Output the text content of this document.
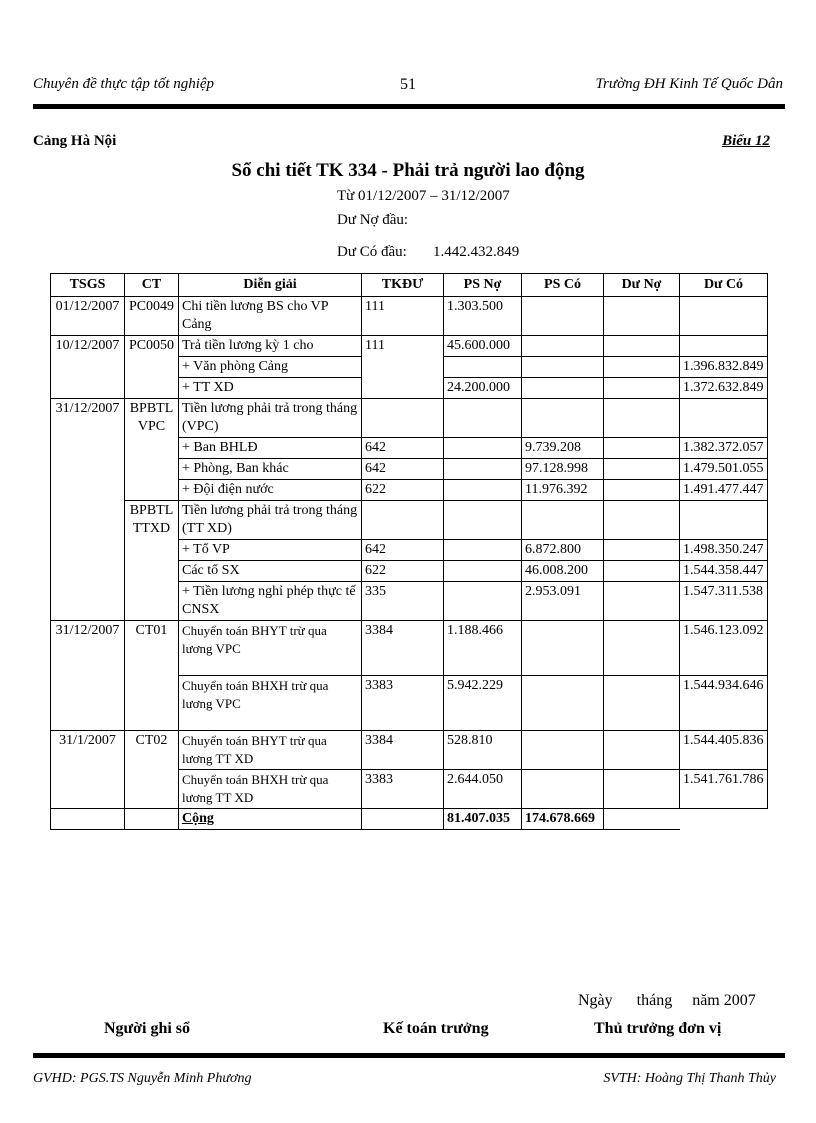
Chuyên đề thực tập tốt nghiệp	51	Trường ĐH Kinh Tế Quốc Dân
Cảng Hà Nội	Biểu 12
Sổ chi tiết TK 334 - Phải trả người lao động
Từ 01/12/2007 – 31/12/2007
Dư Nợ đầu:
Dư Có đầu: 1.442.432.849
TSGS	CT	Diễn giải	TKĐƯ	PS Nợ	PS Có	Dư Nợ	Dư Có
01/12/2007	PC0049	Chi tiền lương BS cho VP Cảng	111	1.303.500			
10/12/2007	PC0050	Trả tiền lương kỳ 1 cho	111	45.600.000			
		+ Văn phòng Cảng					1.396.832.849
		+ TT XD		24.200.000			1.372.632.849
31/12/2007	BPBTL VPC	Tiền lương phải trả trong tháng (VPC)					
		+ Ban BHLĐ	642		9.739.208		1.382.372.057
		+ Phòng, Ban khác	642		97.128.998		1.479.501.055
		+ Đội điện nước	622		11.976.392		1.491.477.447
	BPBTL TTXD	Tiền lương phải trả trong tháng (TT XD)					
		+ Tổ VP	642		6.872.800		1.498.350.247
		Các tổ SX	622		46.008.200		1.544.358.447
		+ Tiền lương nghỉ phép thực tế CNSX	335		2.953.091		1.547.311.538
31/12/2007	CT01	Chuyển toán BHYT trừ qua lương VPC	3384	1.188.466			1.546.123.092
		Chuyển toán BHXH trừ qua lương VPC	3383	5.942.229			1.544.934.646
31/1/2007	CT02	Chuyển toán BHYT trừ qua lương TT XD	3384	528.810			1.544.405.836
		Chuyển toán BHXH trừ qua lương TT XD	3383	2.644.050			1.541.761.786
		Cộng		81.407.035	174.678.669		
Ngày      tháng     năm 2007
Người ghi sổ	Kế toán trưởng	Thủ trưởng đơn vị
GVHD: PGS.TS Nguyễn Minh Phương	SVTH: Hoàng Thị Thanh Thủy
